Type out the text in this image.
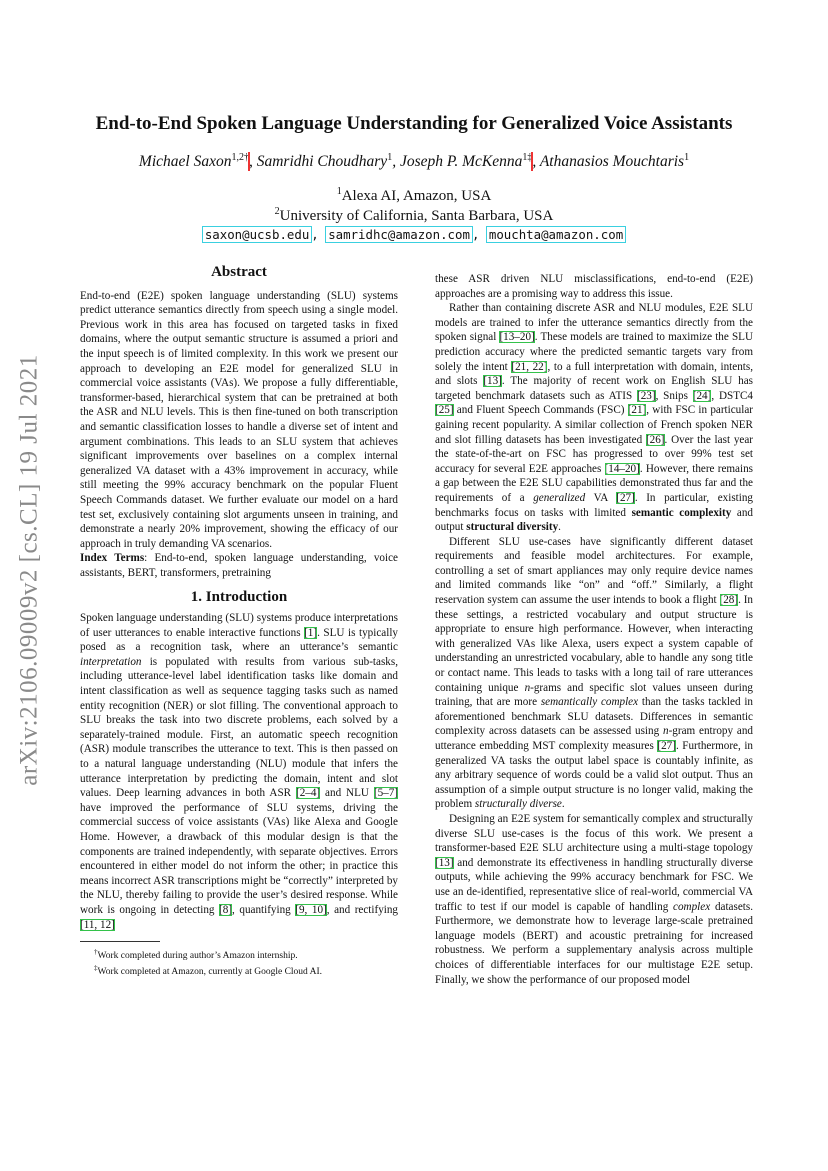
arXiv:2106.09009v2 [cs.CL] 19 Jul 2021
End-to-End Spoken Language Understanding for Generalized Voice Assistants
Michael Saxon$^{1,2\dagger}$, Samridhi Choudhary$^1$, Joseph P. McKenna$^{1\ddagger}$, Athanasios Mouchtaris$^1$
$^1$Alexa AI, Amazon, USA
$^2$University of California, Santa Barbara, USA
saxon@ucsb.edu , samridhc@amazon.com , mouchta@amazon.com
Abstract

End-to-end (E2E) spoken language understanding (SLU) systems predict utterance semantics directly from speech using a single model. Previous work in this area has focused on targeted tasks in fixed domains, where the output semantic structure is assumed a priori and the input speech is of limited complexity. In this work we present our approach to developing an E2E model for generalized SLU in commercial voice assistants (VAs). We propose a fully differentiable, transformer-based, hierarchical system that can be pretrained at both the ASR and NLU levels. This is then fine-tuned on both transcription and semantic classification losses to handle a diverse set of intent and argument combinations. This leads to an SLU system that achieves significant improvements over baselines on a complex internal generalized VA dataset with a 43% improvement in accuracy, while still meeting the 99% accuracy benchmark on the popular Fluent Speech Commands dataset. We further evaluate our model on a hard test set, exclusively containing slot arguments unseen in training, and demonstrate a nearly 20% improvement, showing the efficacy of our approach in truly demanding VA scenarios.

Index Terms: End-to-end, spoken language understanding, voice assistants, BERT, transformers, pretraining

1. Introduction

Spoken language understanding (SLU) systems produce interpretations of user utterances to enable interactive functions [1]. SLU is typically posed as a recognition task, where an utterance’s semantic interpretation is populated with results from various sub-tasks, including utterance-level label identification tasks like domain and intent classification as well as sequence tagging tasks such as named entity recognition (NER) or slot filling. The conventional approach to SLU breaks the task into two discrete problems, each solved by a separately-trained module. First, an automatic speech recognition (ASR) module transcribes the utterance to text. This is then passed on to a natural language understanding (NLU) module that infers the utterance interpretation by predicting the domain, intent and slot values. Deep learning advances in both ASR [2–4] and NLU [5–7] have improved the performance of SLU systems, driving the commercial success of voice assistants (VAs) like Alexa and Google Home. However, a drawback of this modular design is that the components are trained independently, with separate objectives. Errors encountered in either model do not inform the other; in practice this means incorrect ASR transcriptions might be “correctly” interpreted by the NLU, thereby failing to provide the user’s desired response. While work is ongoing in detecting [8], quantifying [9, 10], and rectifying [11, 12]

†Work completed during author’s Amazon internship.
‡Work completed at Amazon, currently at Google Cloud AI.

these ASR driven NLU misclassifications, end-to-end (E2E) approaches are a promising way to address this issue.

Rather than containing discrete ASR and NLU modules, E2E SLU models are trained to infer the utterance semantics directly from the spoken signal [13–20]. These models are trained to maximize the SLU prediction accuracy where the predicted semantic targets vary from solely the intent [21, 22], to a full interpretation with domain, intents, and slots [13]. The majority of recent work on English SLU has targeted benchmark datasets such as ATIS [23], Snips [24], DSTC4 [25] and Fluent Speech Commands (FSC) [21], with FSC in particular gaining recent popularity. A similar collection of French spoken NER and slot filling datasets has been investigated [26]. Over the last year the state-of-the-art on FSC has progressed to over 99% test set accuracy for several E2E approaches [14–20]. However, there remains a gap between the E2E SLU capabilities demonstrated thus far and the requirements of a generalized VA [27]. In particular, existing benchmarks focus on tasks with limited semantic complexity and output structural diversity.

Different SLU use-cases have significantly different dataset requirements and feasible model architectures. For example, controlling a set of smart appliances may only require device names and limited commands like “on” and “off.” Similarly, a flight reservation system can assume the user intends to book a flight [28]. In these settings, a restricted vocabulary and output structure is appropriate to ensure high performance. However, when interacting with generalized VAs like Alexa, users expect a system capable of understanding an unrestricted vocabulary, able to handle any song title or contact name. This leads to tasks with a long tail of rare utterances containing unique n-grams and specific slot values unseen during training, that are more semantically complex than the tasks tackled in aforementioned benchmark SLU datasets. Differences in semantic complexity across datasets can be assessed using n-gram entropy and utterance embedding MST complexity measures [27]. Furthermore, in generalized VA tasks the output label space is countably infinite, as any arbitrary sequence of words could be a valid slot output. Thus an assumption of a simple output structure is no longer valid, making the problem structurally diverse.

Designing an E2E system for semantically complex and structurally diverse SLU use-cases is the focus of this work. We present a transformer-based E2E SLU architecture using a multi-stage topology [13] and demonstrate its effectiveness in handling structurally diverse outputs, while achieving the 99% accuracy benchmark for FSC. We use an de-identified, representative slice of real-world, commercial VA traffic to test if our model is capable of handling complex datasets. Furthermore, we demonstrate how to leverage large-scale pretrained language models (BERT) and acoustic pretraining for increased robustness. We perform a supplementary analysis across multiple choices of differentiable interfaces for our multistage E2E setup. Finally, we show the performance of our proposed model
